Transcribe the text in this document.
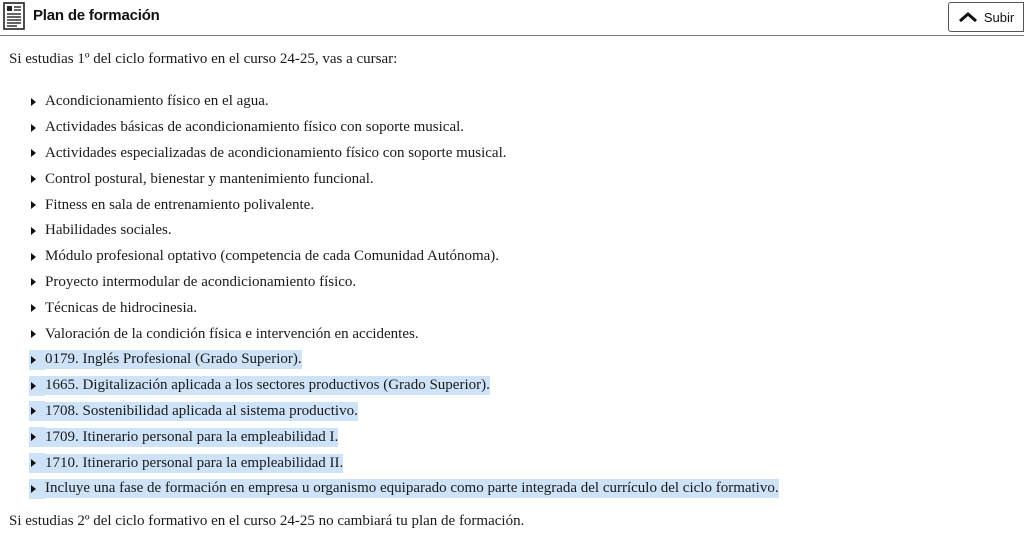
Plan de formación	Subir
Si estudias 1º del ciclo formativo en el curso 24-25, vas a cursar:
Acondicionamiento físico en el agua.
Actividades básicas de acondicionamiento físico con soporte musical.
Actividades especializadas de acondicionamiento físico con soporte musical.
Control postural, bienestar y mantenimiento funcional.
Fitness en sala de entrenamiento polivalente.
Habilidades sociales.
Módulo profesional optativo (competencia de cada Comunidad Autónoma).
Proyecto intermodular de acondicionamiento físico.
Técnicas de hidrocinesia.
Valoración de la condición física e intervención en accidentes.
0179. Inglés Profesional (Grado Superior).
1665. Digitalización aplicada a los sectores productivos (Grado Superior).
1708. Sostenibilidad aplicada al sistema productivo.
1709. Itinerario personal para la empleabilidad I.
1710. Itinerario personal para la empleabilidad II.
Incluye una fase de formación en empresa u organismo equiparado como parte integrada del currículo del ciclo formativo.
Si estudias 2º del ciclo formativo en el curso 24-25 no cambiará tu plan de formación.
